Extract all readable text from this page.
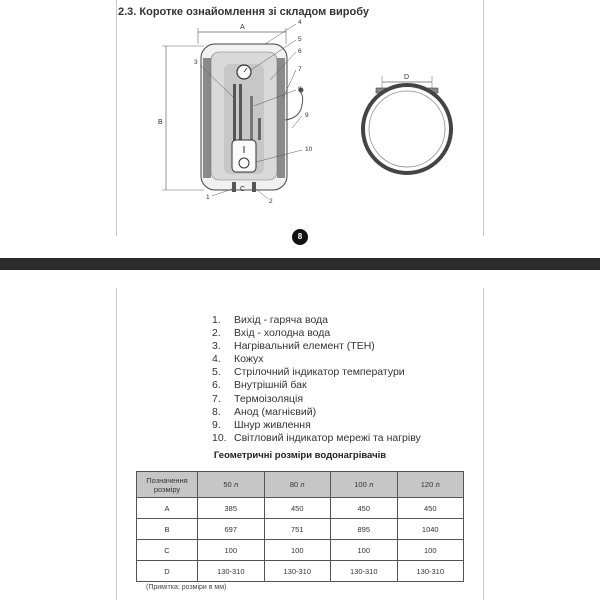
2.3. Коротке ознайомлення зі складом виробу
A
B
C
1
2
3
4
5
6
7
8
9
10
D
8
1.	Вихід - гаряча вода
2.	Вхід - холодна вода
3.	Нагрівальний елемент (ТЕН)
4.	Кожух
5.	Стрілочний індикатор температури
6.	Внутрішній бак
7.	Термоізоляція
8.	Анод (магнієвий)
9.	Шнур живлення
10. Світловий індикатор мережі та нагріву
Геометричні розміри водонагрівачів
Позначення розміру	50 л	80 л	100 л	120 л
A	385	450	450	450
B	697	751	895	1040
C	100	100	100	100
D	130-310	130-310	130-310	130-310
(Примітка: розміри в мм)
